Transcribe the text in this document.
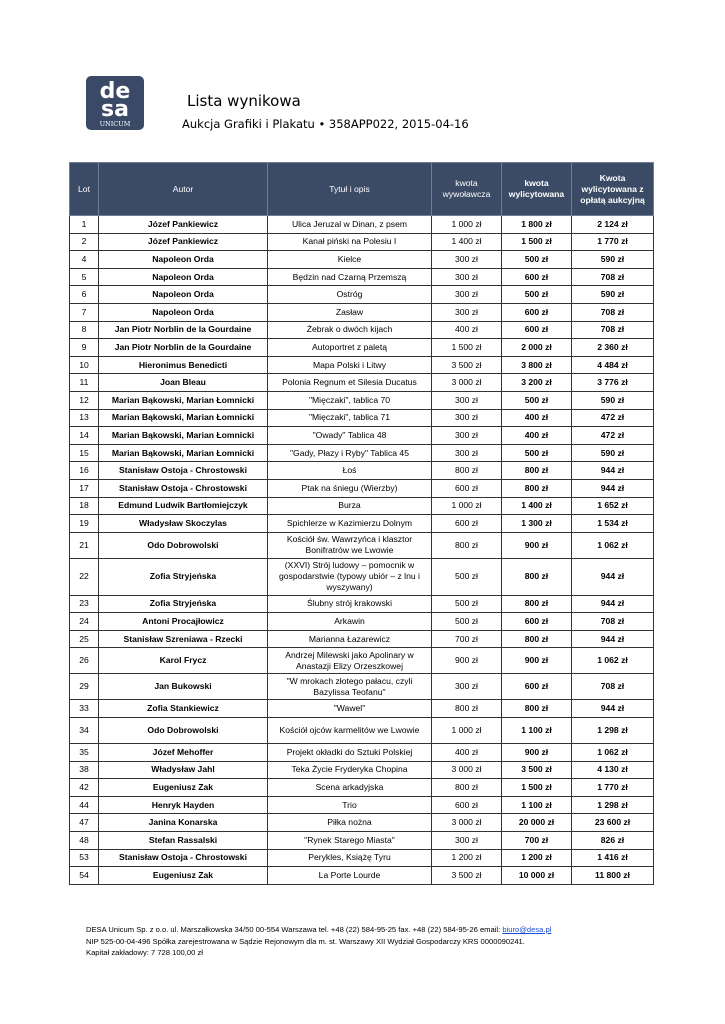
de
sa
UNICUM
Lista wynikowa
Aukcja Grafiki i Plakatu • 358APP022, 2015-04-16
Lot	Autor	Tytuł i opis	kwota wywoławcza	kwota wylicytowana	Kwota wylicytowana z opłatą aukcyjną
1	Józef Pankiewicz	Ulica Jeruzal w Dinan, z psem	1 000 zł	1 800 zł	2 124 zł
2	Józef Pankiewicz	Kanał piński na Polesiu I	1 400 zł	1 500 zł	1 770 zł
4	Napoleon Orda	Kielce	300 zł	500 zł	590 zł
5	Napoleon Orda	Będzin nad Czarną Przemszą	300 zł	600 zł	708 zł
6	Napoleon Orda	Ostróg	300 zł	500 zł	590 zł
7	Napoleon Orda	Zasław	300 zł	600 zł	708 zł
8	Jan Piotr Norblin de la Gourdaine	Żebrak o dwóch kijach	400 zł	600 zł	708 zł
9	Jan Piotr Norblin de la Gourdaine	Autoportret z paletą	1 500 zł	2 000 zł	2 360 zł
10	Hieronimus Benedicti	Mapa Polski i Litwy	3 500 zł	3 800 zł	4 484 zł
11	Joan Bleau	Polonia Regnum et Silesia Ducatus	3 000 zł	3 200 zł	3 776 zł
12	Marian Bąkowski, Marian Łomnicki	"Mięczaki", tablica 70	300 zł	500 zł	590 zł
13	Marian Bąkowski, Marian Łomnicki	"Mięczaki", tablica 71	300 zł	400 zł	472 zł
14	Marian Bąkowski, Marian Łomnicki	"Owady" Tablica 48	300 zł	400 zł	472 zł
15	Marian Bąkowski, Marian Łomnicki	"Gady, Płazy i Ryby" Tablica 45	300 zł	500 zł	590 zł
16	Stanisław Ostoja - Chrostowski	Łoś	800 zł	800 zł	944 zł
17	Stanisław Ostoja - Chrostowski	Ptak na śniegu (Wierzby)	600 zł	800 zł	944 zł
18	Edmund Ludwik Bartłomiejczyk	Burza	1 000 zł	1 400 zł	1 652 zł
19	Władysław Skoczylas	Spichlerze w Kazimierzu Dolnym	600 zł	1 300 zł	1 534 zł
21	Odo Dobrowolski	Kościół św. Wawrzyńca i klasztor Bonifratrów we Lwowie	800 zł	900 zł	1 062 zł
22	Zofia Stryjeńska	(XXVI) Strój ludowy – pomocnik w gospodarstwie (typowy ubiór – z lnu i wyszywany)	500 zł	800 zł	944 zł
23	Zofia Stryjeńska	Ślubny strój krakowski	500 zł	800 zł	944 zł
24	Antoni Procajłowicz	Arkawin	500 zł	600 zł	708 zł
25	Stanisław Szreniawa - Rzecki	Marianna Łazarewicz	700 zł	800 zł	944 zł
26	Karol Frycz	Andrzej Milewski jako Apolinary w Anastazji Elizy Orzeszkowej	900 zł	900 zł	1 062 zł
29	Jan Bukowski	"W mrokach złotego pałacu, czyli Bazylissa Teofanu"	300 zł	600 zł	708 zł
33	Zofia Stankiewicz	"Wawel"	800 zł	800 zł	944 zł
34	Odo Dobrowolski	Kościół ojców karmelitów we Lwowie	1 000 zł	1 100 zł	1 298 zł
35	Józef Mehoffer	Projekt okładki do Sztuki Polskiej	400 zł	900 zł	1 062 zł
38	Władysław Jahl	Teka Życie Fryderyka Chopina	3 000 zł	3 500 zł	4 130 zł
42	Eugeniusz Zak	Scena arkadyjska	800 zł	1 500 zł	1 770 zł
44	Henryk Hayden	Trio	600 zł	1 100 zł	1 298 zł
47	Janina Konarska	Piłka nożna	3 000 zł	20 000 zł	23 600 zł
48	Stefan Rassalski	"Rynek Starego Miasta"	300 zł	700 zł	826 zł
53	Stanisław Ostoja - Chrostowski	Perykles, Książę Tyru	1 200 zł	1 200 zł	1 416 zł
54	Eugeniusz Zak	La Porte Lourde	3 500 zł	10 000 zł	11 800 zł
DESA Unicum Sp. z o.o. ul. Marszałkowska 34/50 00-554 Warszawa tel. +48 (22) 584-95-25 fax. +48 (22) 584-95-26 email: biuro@desa.pl
NIP 525-00-04-496 Spółka zarejestrowana w Sądzie Rejonowym dla m. st. Warszawy XII Wydział Gospodarczy KRS 0000090241.
Kapitał zakładowy: 7 728 100,00 zł
